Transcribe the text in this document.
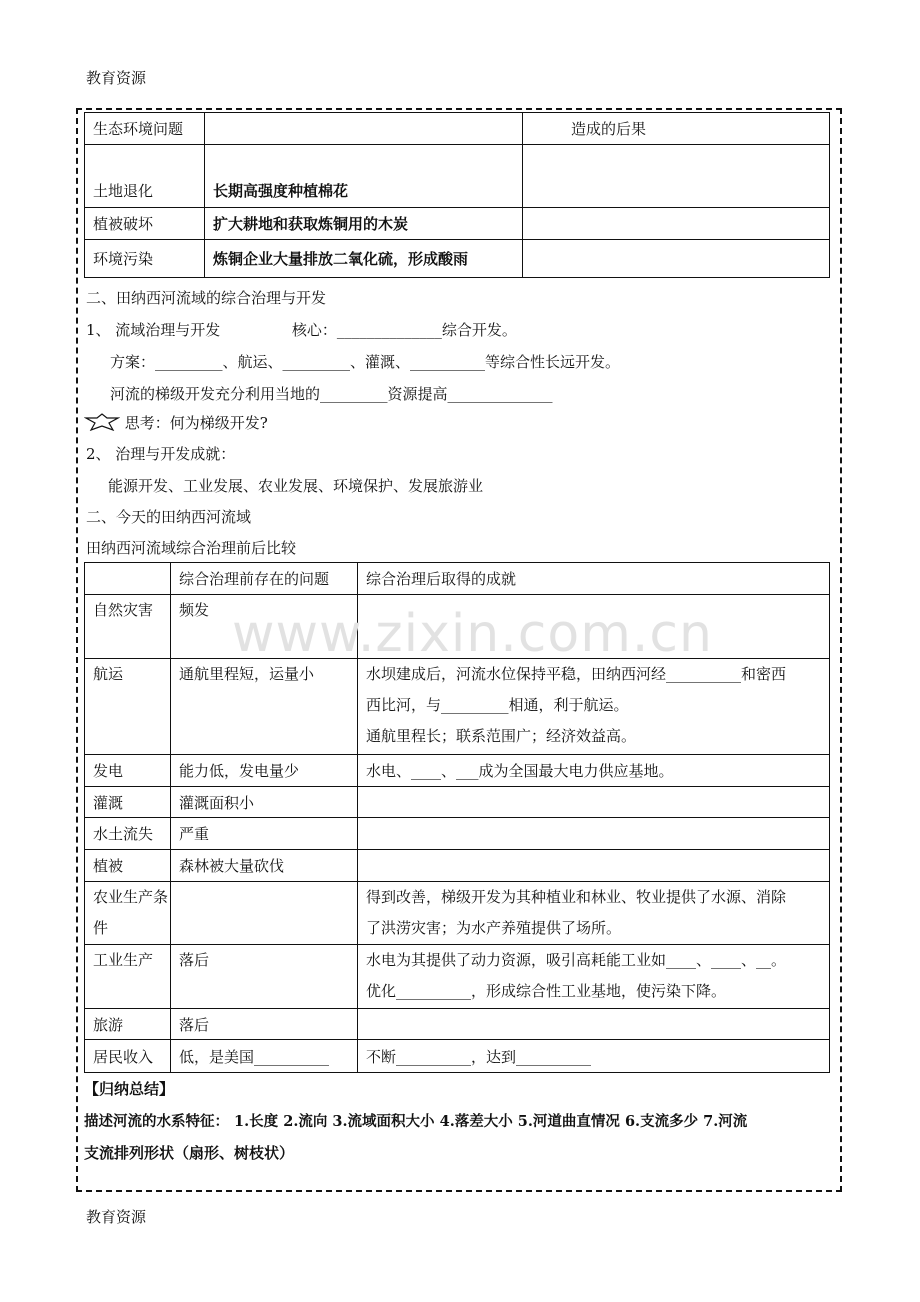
教育资源
生态环境问题		造成的后果
土地退化	长期高强度种植棉花	
植被破坏	扩大耕地和获取炼铜用的木炭	
环境污染	炼铜企业大量排放二氧化硫，形成酸雨	
二、田纳西河流域的综合治理与开发
1、 流域治理与开发               核心：______________综合开发。
方案：_________、航运、_________、灌溉、__________等综合性长远开发。
河流的梯级开发充分利用当地的_________资源提高______________
思考：何为梯级开发?
2、 治理与开发成就：
能源开发、工业发展、农业发展、环境保护、发展旅游业
二、今天的田纳西河流域
田纳西河流域综合治理前后比较
	综合治理前存在的问题	综合治理后取得的成就
自然灾害	频发	
航运	通航里程短，运量小	水坝建成后，河流水位保持平稳，田纳西河经__________和密西
西比河，与_________相通，利于航运。
通航里程长；联系范围广；经济效益高。

发电	能力低，发电量少	水电、____、___成为全国最大电力供应基地。
灌溉	灌溉面积小	
水土流失	严重	
植被	森林被大量砍伐	
农业生产条件		得到改善，梯级开发为其种植业和林业、牧业提供了水源、消除
了洪涝灾害；为水产养殖提供了场所。

工业生产	落后	水电为其提供了动力资源，吸引高耗能工业如____、____、__。
优化__________，形成综合性工业基地，使污染下降。

旅游	落后	
居民收入	低，是美国__________	不断__________，达到__________
www.zixin.com.cn
【归纳总结】
描述河流的水系特征： 1.长度 2.流向 3.流域面积大小 4.落差大小 5.河道曲直情况 6.支流多少 7.河流
支流排列形状（扇形、树枝状）
教育资源
